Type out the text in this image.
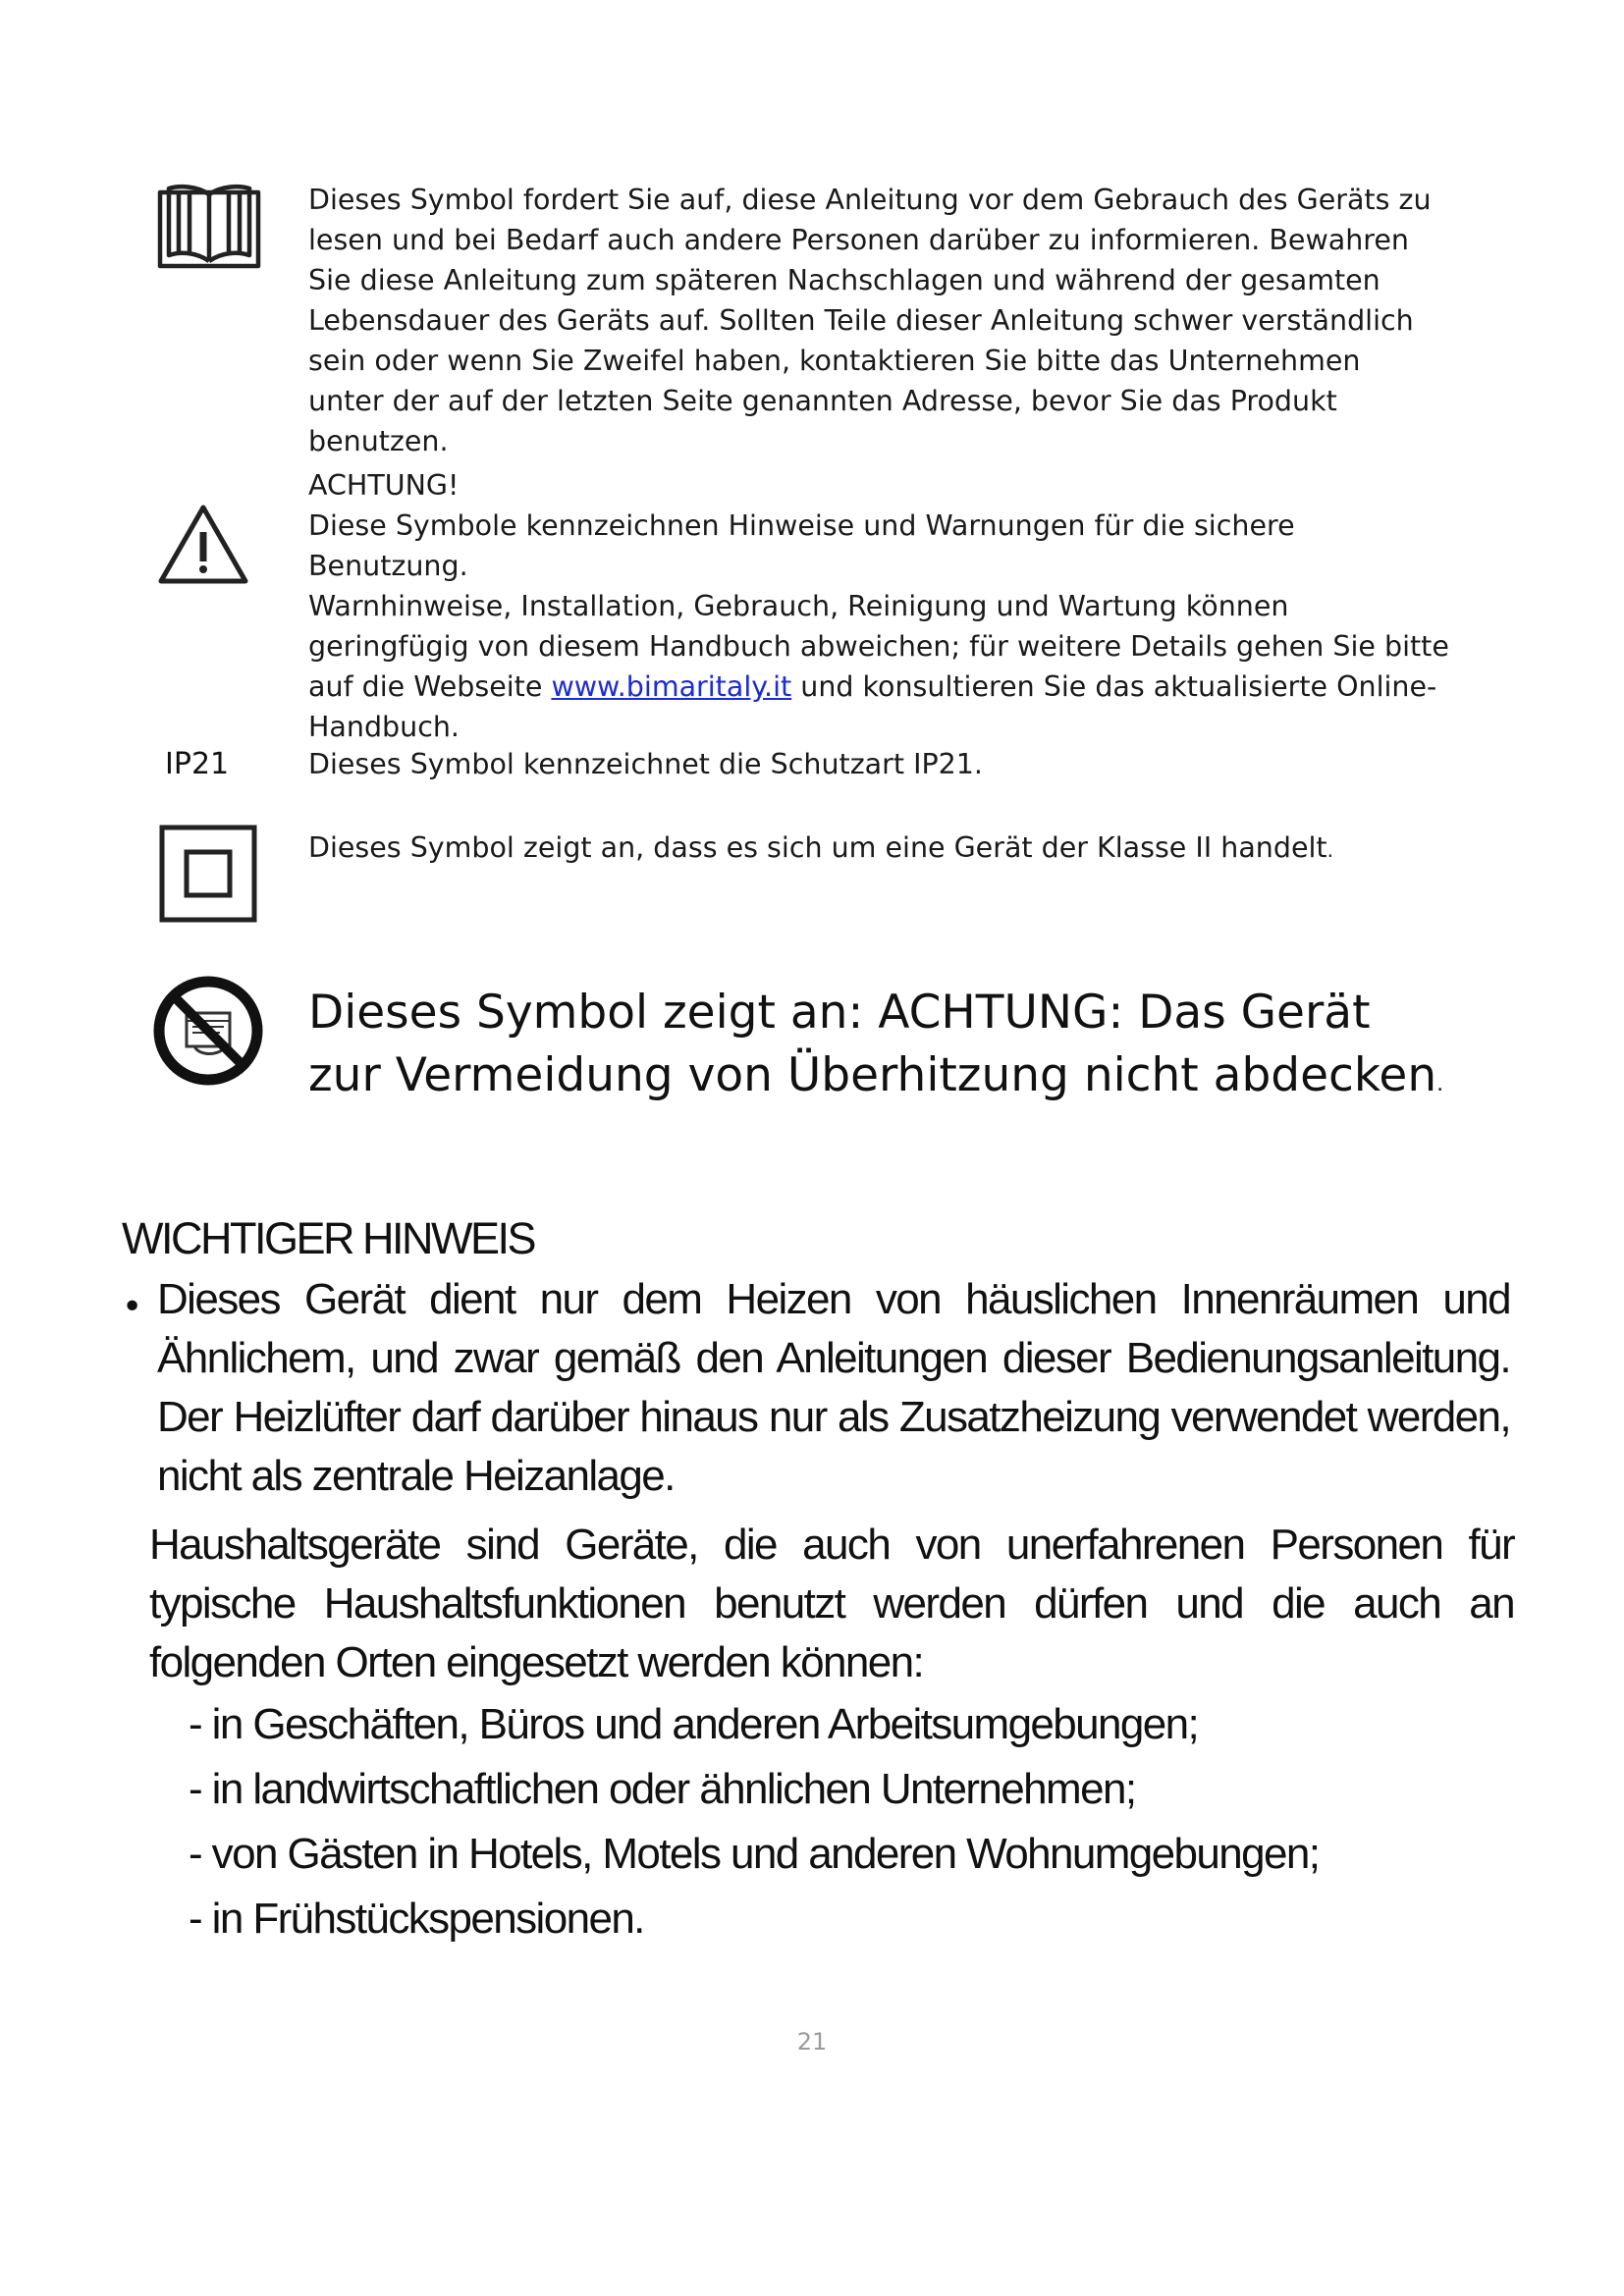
Dieses Symbol fordert Sie auf, diese Anleitung vor dem Gebrauch des Geräts zu lesen und bei Bedarf auch andere Personen darüber zu informieren. Bewahren Sie diese Anleitung zum späteren Nachschlagen und während der gesamten Lebensdauer des Geräts auf. Sollten Teile dieser Anleitung schwer verständlich sein oder wenn Sie Zweifel haben, kontaktieren Sie bitte das Unternehmen unter der auf der letzten Seite genannten Adresse, bevor Sie das Produkt benutzen.

ACHTUNG!

Diese Symbole kennzeichnen Hinweise und Warnungen für die sichere Benutzung.

Warnhinweise, Installation, Gebrauch, Reinigung und Wartung können geringfügig von diesem Handbuch abweichen; für weitere Details gehen Sie bitte auf die Webseite www.bimaritaly.it und konsultieren Sie das aktualisierte Online-Handbuch.

IP21	Dieses Symbol kennzeichnet die Schutzart IP21.

Dieses Symbol zeigt an, dass es sich um eine Gerät der Klasse II handelt.

Dieses Symbol zeigt an: ACHTUNG: Das Gerät zur Vermeidung von Überhitzung nicht abdecken.

WICHTIGER HINWEIS
• Dieses Gerät dient nur dem Heizen von häuslichen Innenräumen und Ähnlichem, und zwar gemäß den Anleitungen dieser Bedienungsanleitung. Der Heizlüfter darf darüber hinaus nur als Zusatzheizung verwendet werden, nicht als zentrale Heizanlage.

Haushaltsgeräte sind Geräte, die auch von unerfahrenen Personen für typische Haushaltsfunktionen benutzt werden dürfen und die auch an folgenden Orten eingesetzt werden können:

- in Geschäften, Büros und anderen Arbeitsumgebungen;
- in landwirtschaftlichen oder ähnlichen Unternehmen;
- von Gästen in Hotels, Motels und anderen Wohnumgebungen;
- in Frühstückspensionen.
21
